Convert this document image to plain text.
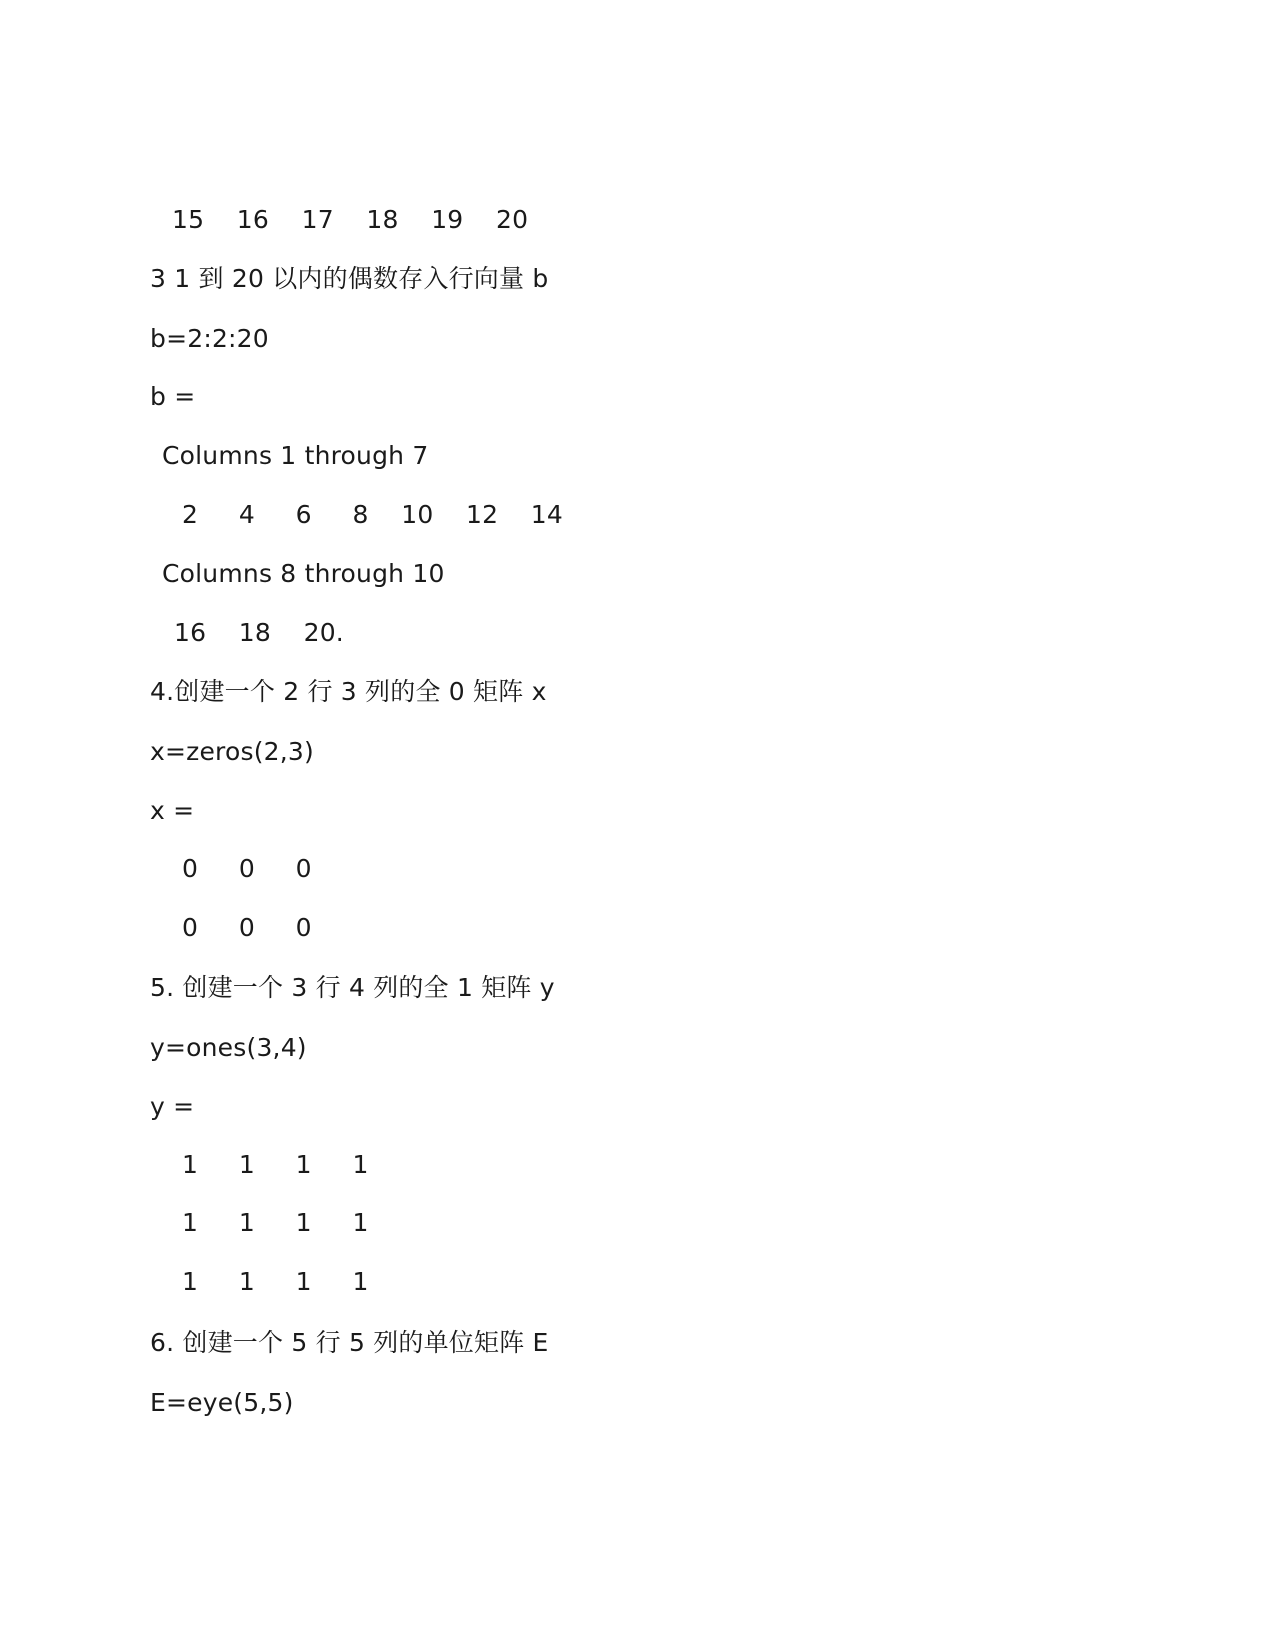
15    16    17    18    19    20
3 1 到 20 以内的偶数存入行向量 b
b=2:2:20
b =
Columns 1 through 7
2     4     6     8    10    12    14
Columns 8 through 10
16    18    20.
4.创建一个 2 行 3 列的全 0 矩阵 x
x=zeros(2,3)
x =
0     0     0
0     0     0
5. 创建一个 3 行 4 列的全 1 矩阵 y
y=ones(3,4)
y =
1     1     1     1
1     1     1     1
1     1     1     1
6. 创建一个 5 行 5 列的单位矩阵 E
E=eye(5,5)
